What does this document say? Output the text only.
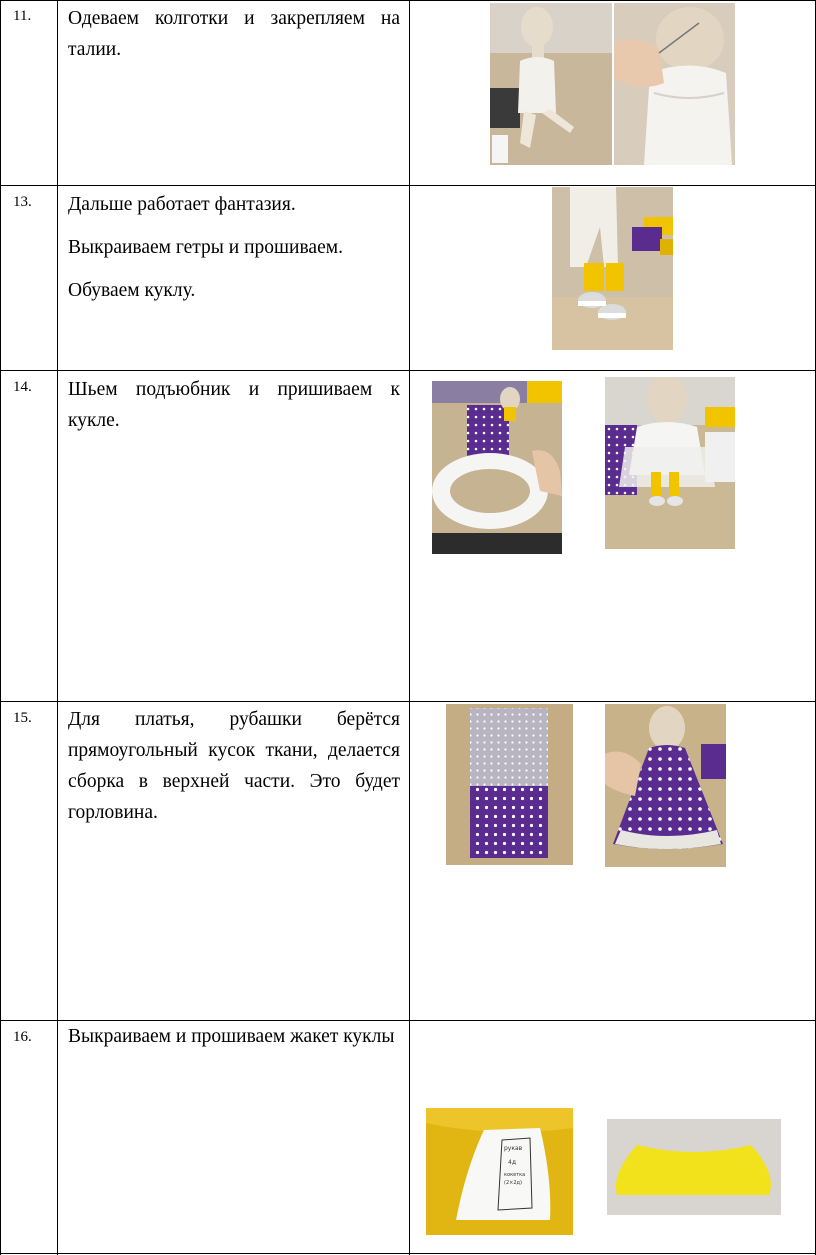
11. Одеваем колготки и закрепляем на талии.

13. Дальше работает фантазия.

Выкраиваем гетры и прошиваем.

Обуваем куклу.

14. Шьем подъюбник и пришиваем к кукле.

15. Для платья, рубашки берётся прямоугольный кусок ткани, делается сборка в верхней части. Это будет горловина.

16. Выкраиваем и прошиваем жакет куклы

рукав
4д
кокетка
(2×2д)
